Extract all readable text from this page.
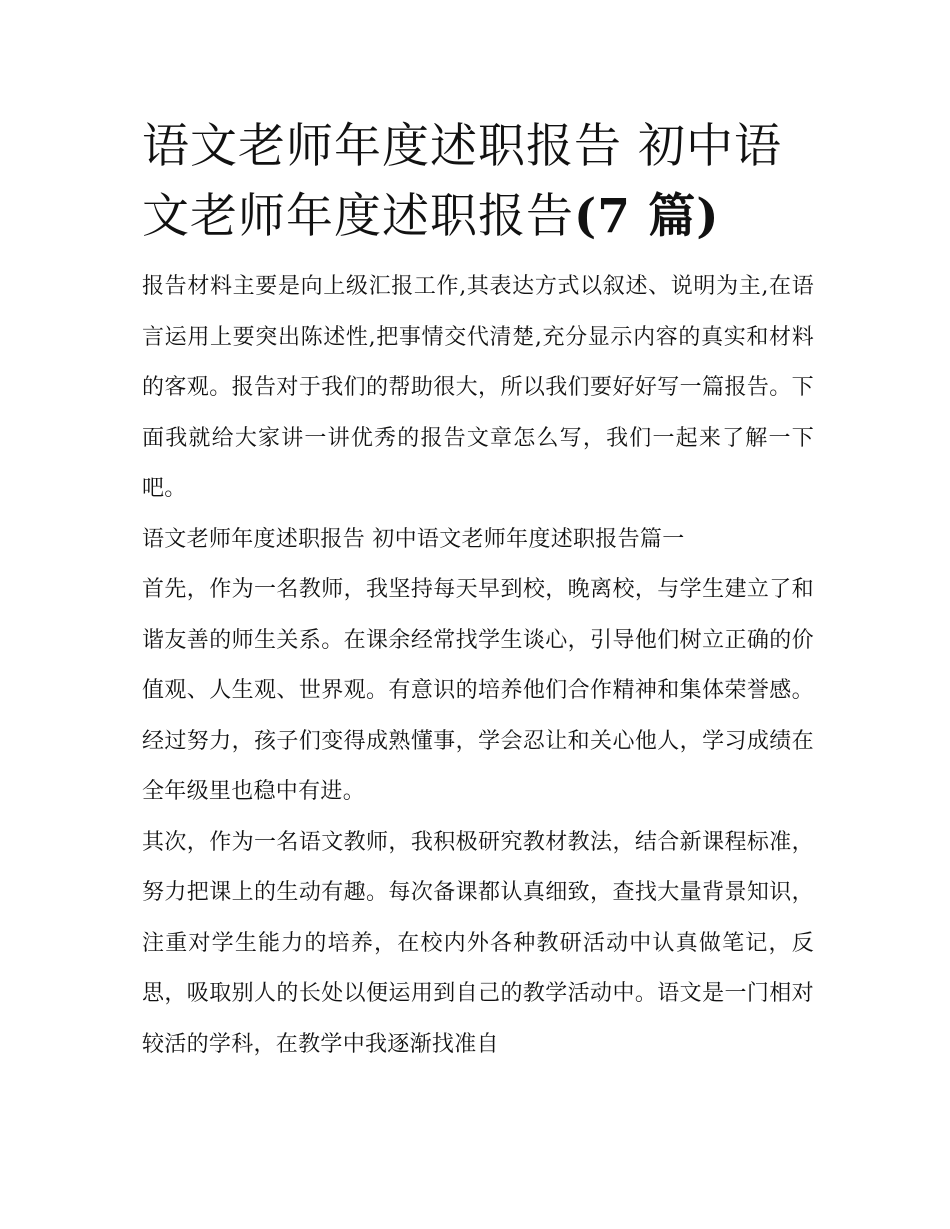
语文老师年度述职报告 初中语文老师年度述职报告(7 篇)

报告材料主要是向上级汇报工作,其表达方式以叙述、说明为主,在语言运用上要突出陈述性,把事情交代清楚,充分显示内容的真实和材料的客观。报告对于我们的帮助很大，所以我们要好好写一篇报告。下面我就给大家讲一讲优秀的报告文章怎么写，我们一起来了解一下吧。

语文老师年度述职报告 初中语文老师年度述职报告篇一

首先，作为一名教师，我坚持每天早到校，晚离校，与学生建立了和谐友善的师生关系。在课余经常找学生谈心，引导他们树立正确的价值观、人生观、世界观。有意识的培养他们合作精神和集体荣誉感。经过努力，孩子们变得成熟懂事，学会忍让和关心他人，学习成绩在全年级里也稳中有进。

其次，作为一名语文教师，我积极研究教材教法，结合新课程标准，努力把课上的生动有趣。每次备课都认真细致，查找大量背景知识，注重对学生能力的培养，在校内外各种教研活动中认真做笔记，反思，吸取别人的长处以便运用到自己的教学活动中。语文是一门相对较活的学科，在教学中我逐渐找准自
